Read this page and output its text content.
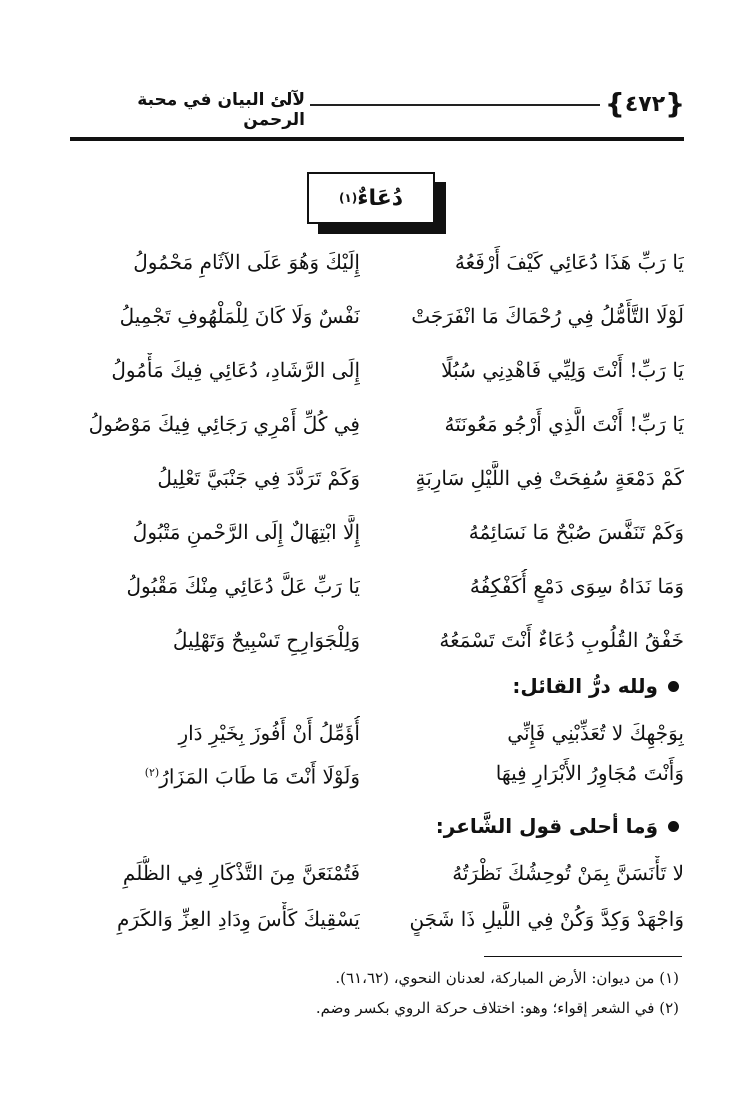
{ ٤٧٢ }
لآلئ البيان في محبة الرحمن
دُعَاءٌ
(١)
يَا رَبِّ هَذَا دُعَائِي كَيْفَ أَرْفَعُهُ
إِلَيْكَ وَهُوَ عَلَى الآثَامِ مَحْمُولُ
لَوْلَا التَّأَمُّلُ فِي رُحْمَاكَ مَا انْفَرَجَتْ
نَفْسٌ وَلَا كَانَ لِلْمَلْهُوفِ تَجْمِيلُ
يَا رَبِّ! أَنْتَ وَلِيِّي فَاهْدِنِي سُبُلًا
إِلَى الرَّشَادِ، دُعَائِي فِيكَ مَأْمُولُ
يَا رَبِّ! أَنْتَ الَّذِي أَرْجُو مَعُونَتَهُ
فِي كُلِّ أَمْرِي رَجَائِي فِيكَ مَوْصُولُ
كَمْ دَمْعَةٍ سُفِحَتْ فِي اللَّيْلِ سَارِبَةٍ
وَكَمْ تَرَدَّدَ فِي جَنْبَيَّ تَعْلِيلُ
وَكَمْ تَنَفَّسَ صُبْحٌ مَا نَسَائِمُهُ
إِلَّا ابْتِهَالٌ إِلَى الرَّحْمنِ مَتْبُولُ
وَمَا نَدَاهُ سِوَى دَمْعٍ أُكَفْكِفُهُ
يَا رَبِّ عَلَّ دُعَائِي مِنْكَ مَقْبُولُ
خَفْقُ القُلُوبِ دُعَاءٌ أَنْتَ تَسْمَعُهُ
وَلِلْجَوَارِحِ تَسْبِيحٌ وَتَهْلِيلُ
ولله درُّ القائل:
بِوَجْهِكَ لا تُعَذِّبْنِي فَإِنِّي
أُؤَمِّلُ أَنْ أَفُوزَ بِخَيْرِ دَارِ
وَأَنْتَ مُجَاوِرُ الأَبْرَارِ فِيهَا
وَلَوْلَا أَنْتَ مَا طَابَ المَزَارُ$^{(٢)}$
وَما أحلى قول الشَّاعر:
لا تَأْنَسَنَّ بِمَنْ تُوحِشُكَ نَظْرَتُهُ
فَتُمْنَعَنَّ مِنَ التَّذْكَارِ فِي الظُّلَمِ
وَاجْهَدْ وَكِدَّ وَكُنْ فِي اللَّيلِ ذَا شَجَنٍ
يَسْقِيكَ كَأْسَ وِدَادِ العِزِّ وَالكَرَمِ
(١) من ديوان: الأرض المباركة، لعدنان النحوي، (٦١،٦٢).
(٢) في الشعر إقواء؛ وهو: اختلاف حركة الروي بكسر وضم.
